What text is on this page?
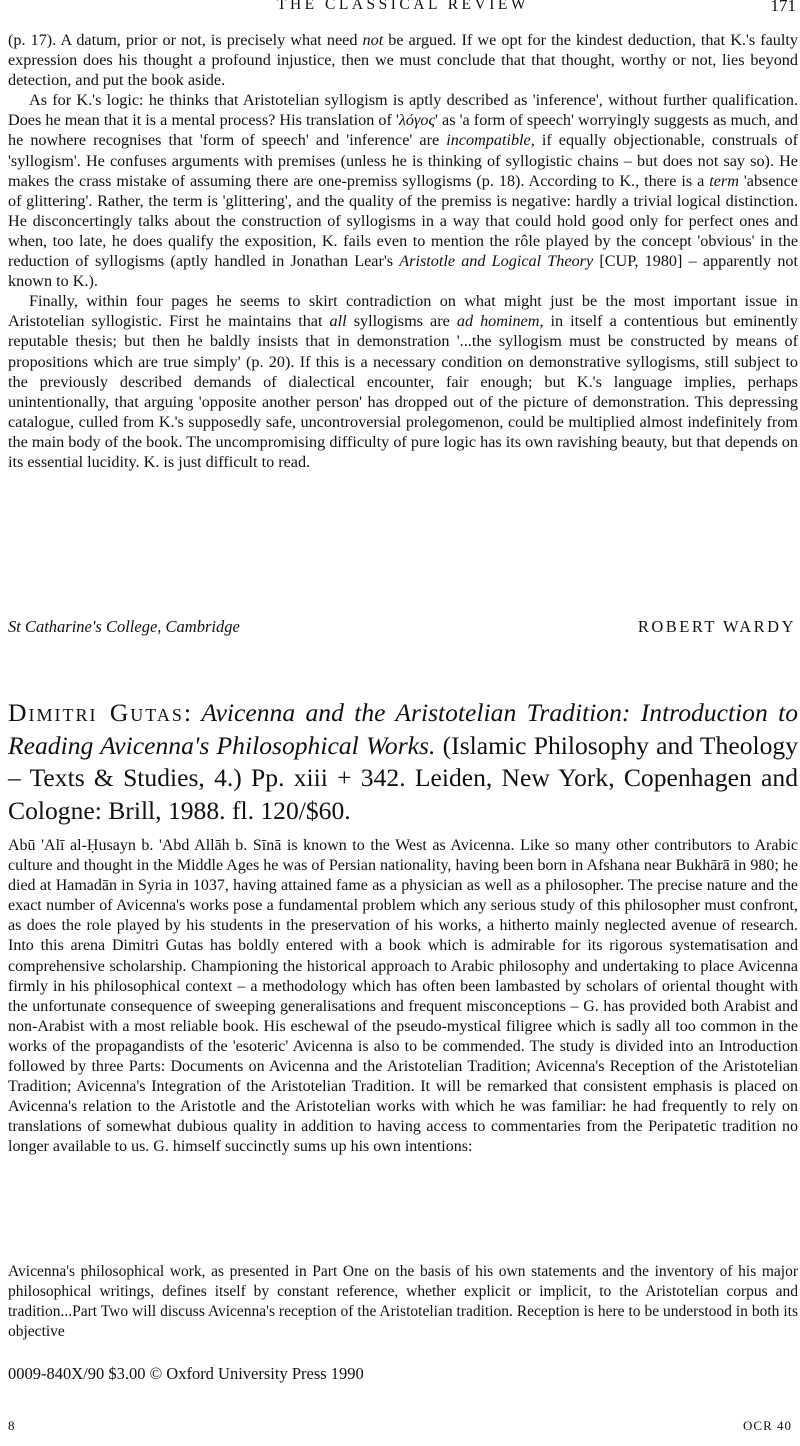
THE CLASSICAL REVIEW	171

(p. 17). A datum, prior or not, is precisely what need not be argued. If we opt for the kindest deduction, that K.'s faulty expression does his thought a profound injustice, then we must conclude that that thought, worthy or not, lies beyond detection, and put the book aside.

As for K.'s logic: he thinks that Aristotelian syllogism is aptly described as 'inference', without further qualification. Does he mean that it is a mental process? His translation of 'λόγος' as 'a form of speech' worryingly suggests as much, and he nowhere recognises that 'form of speech' and 'inference' are incompatible, if equally objectionable, construals of 'syllogism'. He confuses arguments with premises (unless he is thinking of syllogistic chains – but does not say so). He makes the crass mistake of assuming there are one-premiss syllogisms (p. 18). According to K., there is a term 'absence of glittering'. Rather, the term is 'glittering', and the quality of the premiss is negative: hardly a trivial logical distinction. He disconcertingly talks about the construction of syllogisms in a way that could hold good only for perfect ones and when, too late, he does qualify the exposition, K. fails even to mention the rôle played by the concept 'obvious' in the reduction of syllogisms (aptly handled in Jonathan Lear's Aristotle and Logical Theory [CUP, 1980] – apparently not known to K.).

Finally, within four pages he seems to skirt contradiction on what might just be the most important issue in Aristotelian syllogistic. First he maintains that all syllogisms are ad hominem, in itself a contentious but eminently reputable thesis; but then he baldly insists that in demonstration '...the syllogism must be constructed by means of propositions which are true simply' (p. 20). If this is a necessary condition on demonstrative syllogisms, still subject to the previously described demands of dialectical encounter, fair enough; but K.'s language implies, perhaps unintentionally, that arguing 'opposite another person' has dropped out of the picture of demonstration. This depressing catalogue, culled from K.'s supposedly safe, uncontroversial prolegomenon, could be multiplied almost indefinitely from the main body of the book. The uncompromising difficulty of pure logic has its own ravishing beauty, but that depends on its essential lucidity. K. is just difficult to read.

St Catharine's College, Cambridge	ROBERT WARDY
Dimitri Gutas: Avicenna and the Aristotelian Tradition: Introduction to Reading Avicenna's Philosophical Works. (Islamic Philosophy and Theology – Texts & Studies, 4.) Pp. xiii + 342. Leiden, New York, Copenhagen and Cologne: Brill, 1988. fl. 120/$60.

Abū 'Alī al-Ḥusayn b. 'Abd Allāh b. Sīnā is known to the West as Avicenna. Like so many other contributors to Arabic culture and thought in the Middle Ages he was of Persian nationality, having been born in Afshana near Bukhārā in 980; he died at Hamadān in Syria in 1037, having attained fame as a physician as well as a philosopher. The precise nature and the exact number of Avicenna's works pose a fundamental problem which any serious study of this philosopher must confront, as does the role played by his students in the preservation of his works, a hitherto mainly neglected avenue of research. Into this arena Dimitri Gutas has boldly entered with a book which is admirable for its rigorous systematisation and comprehensive scholarship. Championing the historical approach to Arabic philosophy and undertaking to place Avicenna firmly in his philosophical context – a methodology which has often been lambasted by scholars of oriental thought with the unfortunate consequence of sweeping generalisations and frequent misconceptions – G. has provided both Arabist and non-Arabist with a most reliable book. His eschewal of the pseudo-mystical filigree which is sadly all too common in the works of the propagandists of the 'esoteric' Avicenna is also to be commended. The study is divided into an Introduction followed by three Parts: Documents on Avicenna and the Aristotelian Tradition; Avicenna's Reception of the Aristotelian Tradition; Avicenna's Integration of the Aristotelian Tradition. It will be remarked that consistent emphasis is placed on Avicenna's relation to the Aristotle and the Aristotelian works with which he was familiar: he had frequently to rely on translations of somewhat dubious quality in addition to having access to commentaries from the Peripatetic tradition no longer available to us. G. himself succinctly sums up his own intentions:

Avicenna's philosophical work, as presented in Part One on the basis of his own statements and the inventory of his major philosophical writings, defines itself by constant reference, whether explicit or implicit, to the Aristotelian corpus and tradition...Part Two will discuss Avicenna's reception of the Aristotelian tradition. Reception is here to be understood in both its objective

0009-840X/90 $3.00 © Oxford University Press 1990
8	OCR 40
